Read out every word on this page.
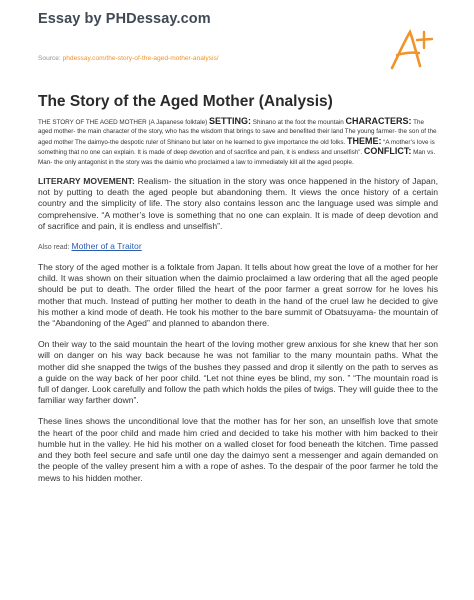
Essay by PHDessay.com

Source: phdessay.com/the-story-of-the-aged-mother-analysis/
The Story of the Aged Mother (Analysis)

THE STORY OF THE AGED MOTHER (A Japanese folktale) SETTING: Shinano at the foot the mountain CHARACTERS: The aged mother- the main character of the story, who has the wisdom that brings to save and benefited their land The young farmer- the son of the aged mother The daimyo-the despotic ruler of Shinano but later on he learned to give importance the old folks. THEME: “A mother’s love is something that no one can explain. It is made of deep devotion and of sacrifice and pain, it is endless and unselfish”. CONFLICT: Man vs. Man- the only antagonist in the story was the daimio who proclaimed a law to immediately kill all the aged people.

LITERARY MOVEMENT: Realism- the situation in the story was once happened in the history of Japan, not by putting to death the aged people but abandoning them. It views the once history of a certain country and the simplicity of life. The story also contains lesson anc the language used was simple and comprehensive. “A mother’s love is something that no one can explain. It is made of deep devotion and of sacrifice and pain, it is endless and unselfish”.

Also read: Mother of a Traitor

The story of the aged mother is a folktale from Japan. It tells about how great the love of a mother for her child. It was shown on their situation when the daimio proclaimed a law ordering that all the aged people should be put to death. The order filled the heart of the poor farmer a great sorrow for he loves his mother that much. Instead of putting her mother to death in the hand of the cruel law he decided to give his mother a kind mode of death. He took his mother to the bare summit of Obatsuyama- the mountain of the “Abandoning of the Aged” and planned to abandon there.

On their way to the said mountain the heart of the loving mother grew anxious for she knew that her son will on danger on his way back because he was not familiar to the many mountain paths. What the mother did she snapped the twigs of the bushes they passed and drop it silently on the path to serves as a guide on the way back of her poor child. “Let not thine eyes be blind, my son. ” “The mountain road is full of danger. Look carefully and follow the path which holds the piles of twigs. They will guide thee to the familiar way farther down”.

These lines shows the unconditional love that the mother has for her son, an unselfish love that smote the heart of the poor child and made him cried and decided to take his mother with him backed to their humble hut in the valley. He hid his mother on a walled closet for food beneath the kitchen. Time passed and they both feel secure and safe until one day the daimyo sent a messenger and again demanded on the people of the valley present him a with a rope of ashes. To the despair of the poor farmer he told the mews to his hidden mother.
